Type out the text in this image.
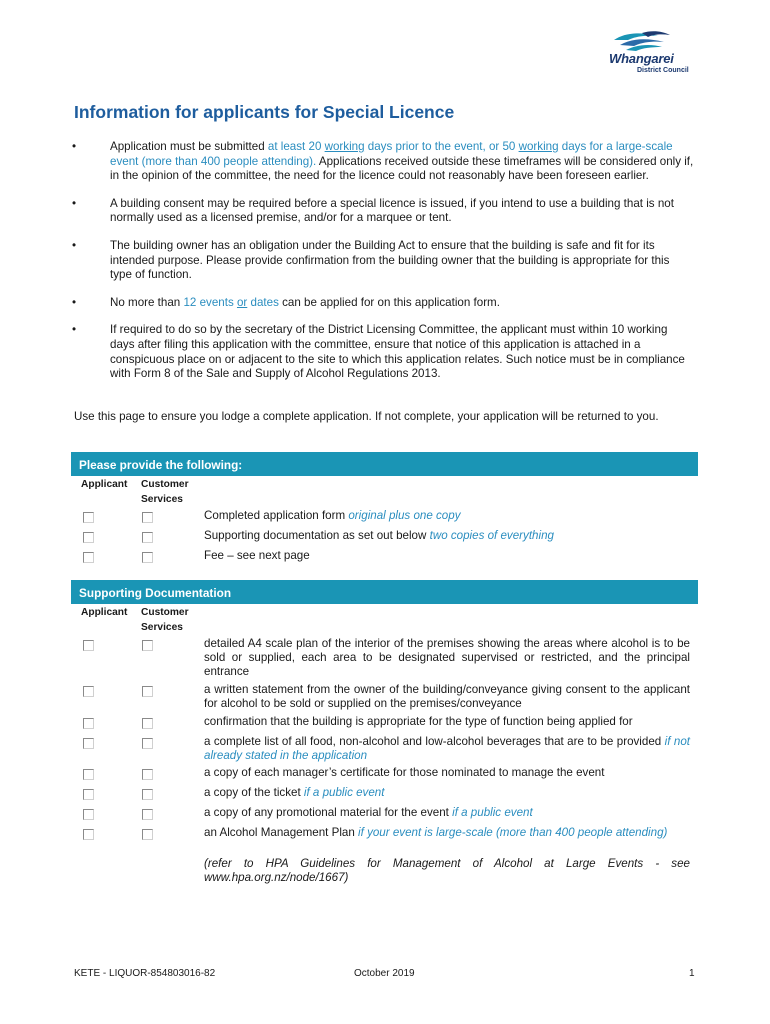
Whangarei
District Council
Information for applicants for Special Licence
• Application must be submitted at least 20 working days prior to the event, or 50 working days for a large-scale event (more than 400 people attending). Applications received outside these timeframes will be considered only if, in the opinion of the committee, the need for the licence could not reasonably have been foreseen earlier.
• A building consent may be required before a special licence is issued, if you intend to use a building that is not normally used as a licensed premise, and/or for a marquee or tent.
• The building owner has an obligation under the Building Act to ensure that the building is safe and fit for its intended purpose. Please provide confirmation from the building owner that the building is appropriate for this type of function.
• No more than 12 events or dates can be applied for on this application form.
• If required to do so by the secretary of the District Licensing Committee, the applicant must within 10 working days after filing this application with the committee, ensure that notice of this application is attached in a conspicuous place on or adjacent to the site to which this application relates. Such notice must be in compliance with Form 8 of the Sale and Supply of Alcohol Regulations 2013.
Use this page to ensure you lodge a complete application. If not complete, your application will be returned to you.
Please provide the following:
Applicant Customer Services
Completed application form original plus one copy
Supporting documentation as set out below two copies of everything
Fee – see next page
Supporting Documentation
Applicant Customer Services
detailed A4 scale plan of the interior of the premises showing the areas where alcohol is to be sold or supplied, each area to be designated supervised or restricted, and the principal entrance
a written statement from the owner of the building/conveyance giving consent to the applicant for alcohol to be sold or supplied on the premises/conveyance
confirmation that the building is appropriate for the type of function being applied for
a complete list of all food, non-alcohol and low-alcohol beverages that are to be provided if not already stated in the application
a copy of each manager’s certificate for those nominated to manage the event
a copy of the ticket if a public event
a copy of any promotional material for the event if a public event
an Alcohol Management Plan if your event is large-scale (more than 400 people attending)
(refer to HPA Guidelines for Management of Alcohol at Large Events - see www.hpa.org.nz/node/1667)
KETE - LIQUOR-854803016-82	October 2019	1
